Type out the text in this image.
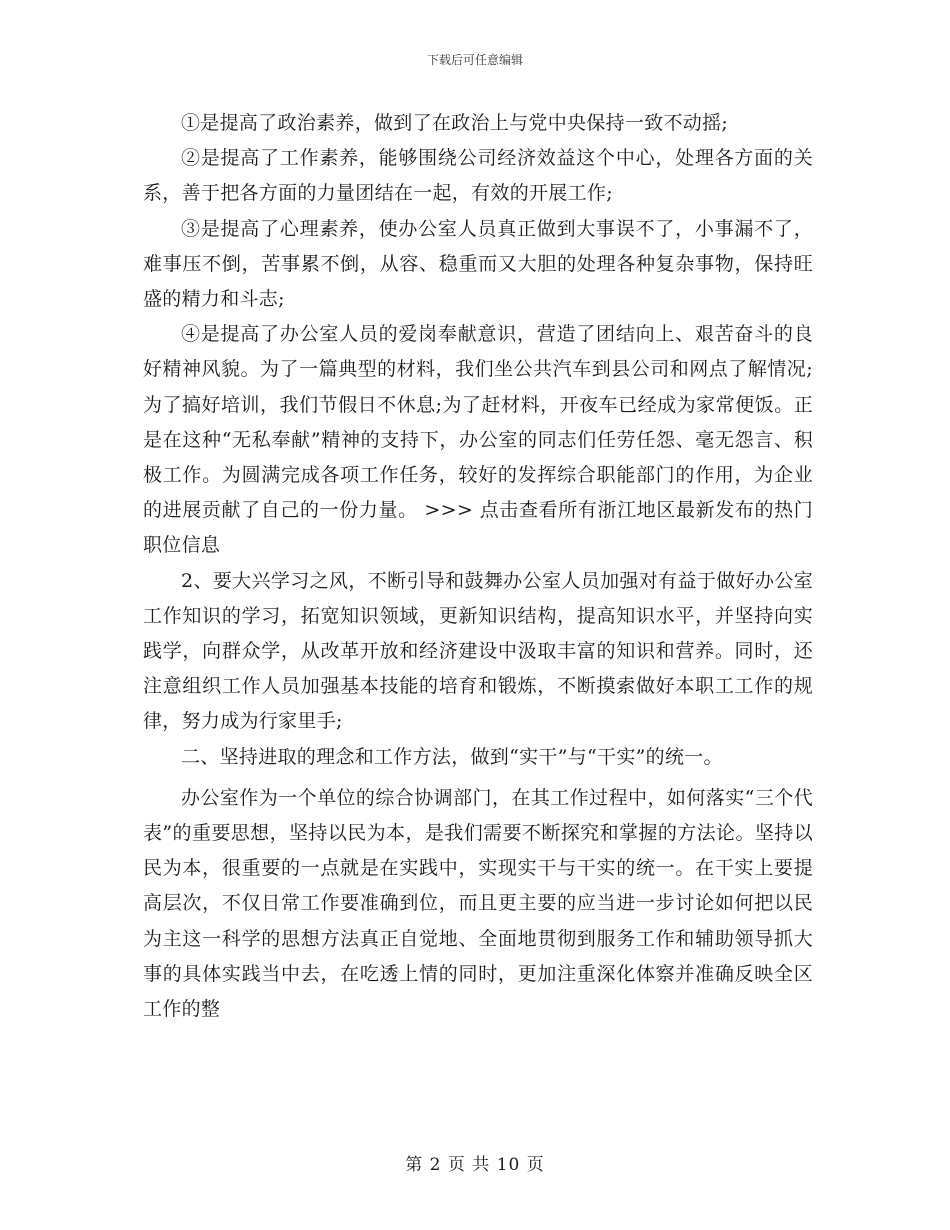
下载后可任意编辑

①是提高了政治素养，做到了在政治上与党中央保持一致不动摇;

②是提高了工作素养，能够围绕公司经济效益这个中心，处理各方面的关系，善于把各方面的力量团结在一起，有效的开展工作;

③是提高了心理素养，使办公室人员真正做到大事误不了，小事漏不了，难事压不倒，苦事累不倒，从容、稳重而又大胆的处理各种复杂事物，保持旺盛的精力和斗志;

④是提高了办公室人员的爱岗奉献意识，营造了团结向上、艰苦奋斗的良好精神风貌。为了一篇典型的材料，我们坐公共汽车到县公司和网点了解情况;为了搞好培训，我们节假日不休息;为了赶材料，开夜车已经成为家常便饭。正是在这种“无私奉献”精神的支持下，办公室的同志们任劳任怨、毫无怨言、积极工作。为圆满完成各项工作任务，较好的发挥综合职能部门的作用，为企业的进展贡献了自己的一份力量。 >>> 点击查看所有浙江地区最新发布的热门职位信息

2、要大兴学习之风，不断引导和鼓舞办公室人员加强对有益于做好办公室工作知识的学习，拓宽知识领域，更新知识结构，提高知识水平，并坚持向实践学，向群众学，从改革开放和经济建设中汲取丰富的知识和营养。同时，还注意组织工作人员加强基本技能的培育和锻炼，不断摸索做好本职工工作的规律，努力成为行家里手;

二、坚持进取的理念和工作方法，做到“实干”与“干实”的统一。

办公室作为一个单位的综合协调部门，在其工作过程中，如何落实“三个代表”的重要思想，坚持以民为本，是我们需要不断探究和掌握的方法论。坚持以民为本，很重要的一点就是在实践中，实现实干与干实的统一。在干实上要提高层次，不仅日常工作要准确到位，而且更主要的应当进一步讨论如何把以民为主这一科学的思想方法真正自觉地、全面地贯彻到服务工作和辅助领导抓大事的具体实践当中去，在吃透上情的同时，更加注重深化体察并准确反映全区工作的整

第 2 页 共 10 页
